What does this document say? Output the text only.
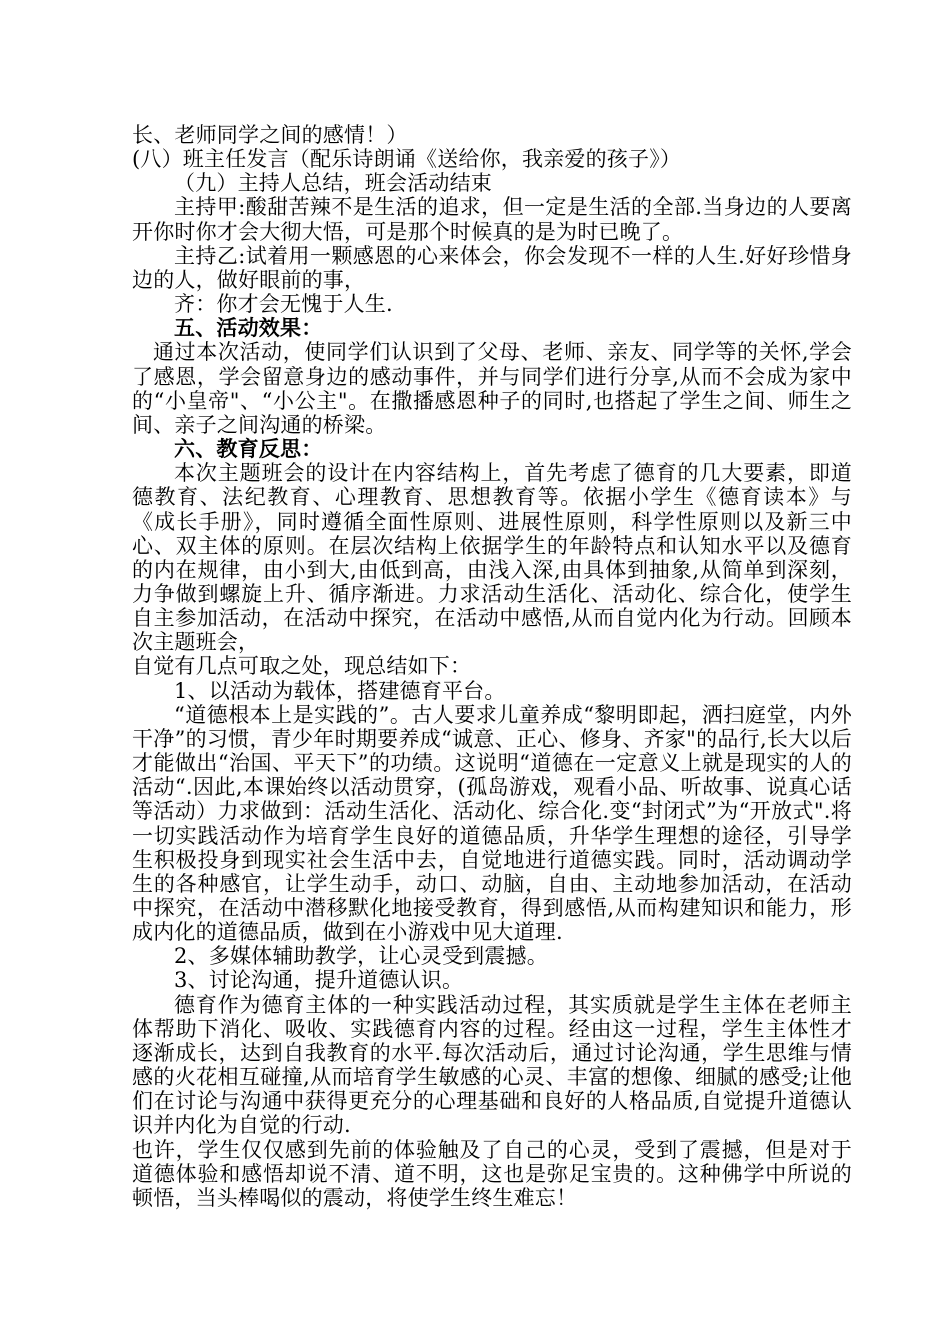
长、老师同学之间的感情！）

(八）班主任发言（配乐诗朗诵《送给你，我亲爱的孩子》）

（九）主持人总结，班会活动结束

主持甲:酸甜苦辣不是生活的追求，但一定是生活的全部.当身边的人要离开你时你才会大彻大悟，可是那个时候真的是为时已晚了。

主持乙:试着用一颗感恩的心来体会，你会发现不一样的人生.好好珍惜身边的人，做好眼前的事，

齐：你才会无愧于人生.

五、活动效果：

通过本次活动，使同学们认识到了父母、老师、亲友、同学等的关怀,学会了感恩，学会留意身边的感动事件，并与同学们进行分享,从而不会成为家中的“小皇帝"、“小公主"。在撒播感恩种子的同时,也搭起了学生之间、师生之间、亲子之间沟通的桥梁。

六、教育反思：

本次主题班会的设计在内容结构上，首先考虑了德育的几大要素，即道德教育、法纪教育、心理教育、思想教育等。依据小学生《德育读本》与《成长手册》，同时遵循全面性原则、进展性原则，科学性原则以及新三中心、双主体的原则。在层次结构上依据学生的年龄特点和认知水平以及德育的内在规律，由小到大,由低到高，由浅入深,由具体到抽象,从简单到深刻，力争做到螺旋上升、循序渐进。力求活动生活化、活动化、综合化，使学生自主参加活动，在活动中探究，在活动中感悟,从而自觉内化为行动。回顾本次主题班会，

自觉有几点可取之处，现总结如下：

1、以活动为载体，搭建德育平台。

“道德根本上是实践的”。古人要求儿童养成“黎明即起，洒扫庭堂，内外干净”的习惯，青少年时期要养成“诚意、正心、修身、齐家"的品行,长大以后才能做出“治国、平天下”的功绩。这说明“道德在一定意义上就是现实的人的活动“.因此,本课始终以活动贯穿，(孤岛游戏，观看小品、听故事、说真心话等活动）力求做到：活动生活化、活动化、综合化.变“封闭式”为“开放式".将一切实践活动作为培育学生良好的道德品质，升华学生理想的途径，引导学生积极投身到现实社会生活中去，自觉地进行道德实践。同时，活动调动学生的各种感官，让学生动手，动口、动脑，自由、主动地参加活动，在活动中探究，在活动中潜移默化地接受教育，得到感悟,从而构建知识和能力，形成内化的道德品质，做到在小游戏中见大道理.

2、多媒体辅助教学，让心灵受到震撼。

3、讨论沟通，提升道德认识。

德育作为德育主体的一种实践活动过程，其实质就是学生主体在老师主体帮助下消化、吸收、实践德育内容的过程。经由这一过程，学生主体性才逐渐成长，达到自我教育的水平.每次活动后，通过讨论沟通，学生思维与情感的火花相互碰撞,从而培育学生敏感的心灵、丰富的想像、细腻的感受;让他们在讨论与沟通中获得更充分的心理基础和良好的人格品质,自觉提升道德认识并内化为自觉的行动.

也许，学生仅仅感到先前的体验触及了自己的心灵，受到了震撼，但是对于道德体验和感悟却说不清、道不明，这也是弥足宝贵的。这种佛学中所说的顿悟，当头棒喝似的震动，将使学生终生难忘！
